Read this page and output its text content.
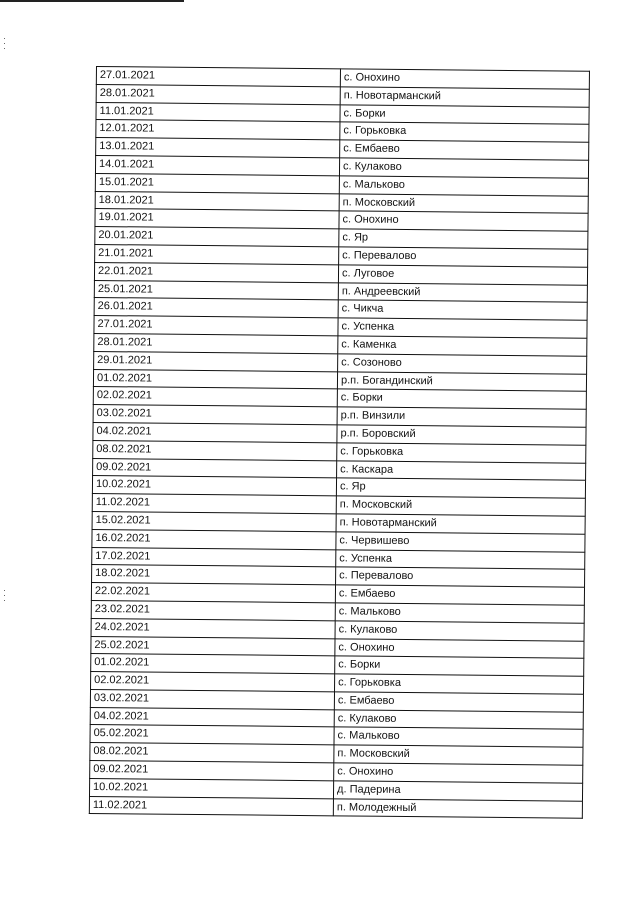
27.01.2021	с. Онохино
28.01.2021	п. Новотарманский
11.01.2021	с. Борки
12.01.2021	с. Горьковка
13.01.2021	с. Ембаево
14.01.2021	с. Кулаково
15.01.2021	с. Мальково
18.01.2021	п. Московский
19.01.2021	с. Онохино
20.01.2021	с. Яр
21.01.2021	с. Перевалово
22.01.2021	с. Луговое
25.01.2021	п. Андреевский
26.01.2021	с. Чикча
27.01.2021	с. Успенка
28.01.2021	с. Каменка
29.01.2021	с. Созоново
01.02.2021	р.п. Богандинский
02.02.2021	с. Борки
03.02.2021	р.п. Винзили
04.02.2021	р.п. Боровский
08.02.2021	с. Горьковка
09.02.2021	с. Каскара
10.02.2021	с. Яр
11.02.2021	п. Московский
15.02.2021	п. Новотарманский
16.02.2021	с. Червишево
17.02.2021	с. Успенка
18.02.2021	с. Перевалово
22.02.2021	с. Ембаево
23.02.2021	с. Мальково
24.02.2021	с. Кулаково
25.02.2021	с. Онохино
01.02.2021	с. Борки
02.02.2021	с. Горьковка
03.02.2021	с. Ембаево
04.02.2021	с. Кулаково
05.02.2021	с. Мальково
08.02.2021	п. Московский
09.02.2021	с. Онохино
10.02.2021	д. Падерина
11.02.2021	п. Молодежный
